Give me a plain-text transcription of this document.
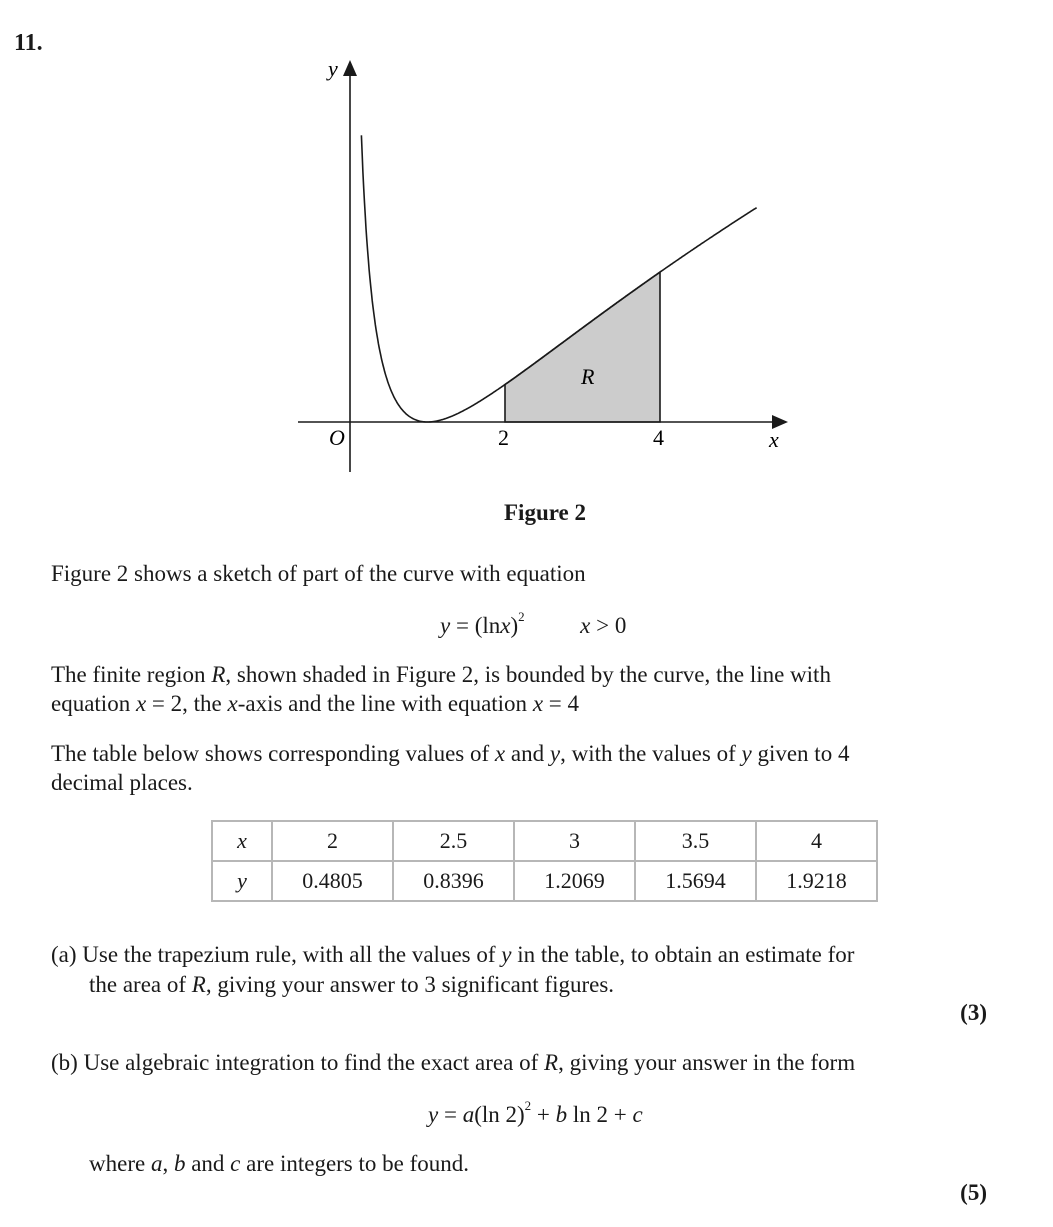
11.
y
x
O	2	4
R
Figure 2
Figure 2 shows a sketch of part of the curve with equation
$y = (\ln x)^2$ x > 0
The finite region R, shown shaded in Figure 2, is bounded by the curve, the line with
equation x = 2, the x-axis and the line with equation x = 4
The table below shows corresponding values of x and y, with the values of y given to 4
decimal places.
x	2	2.5	3	3.5	4
y	0.4805	0.8396	1.2069	1.5694	1.9218
(a) Use the trapezium rule, with all the values of y in the table, to obtain an estimate for
the area of R, giving your answer to 3 significant figures.
(3)
(b) Use algebraic integration to find the exact area of R, giving your answer in the form
y = a(ln 2)$^2$ + b ln 2 + c
where a, b and c are integers to be found.
(5)
